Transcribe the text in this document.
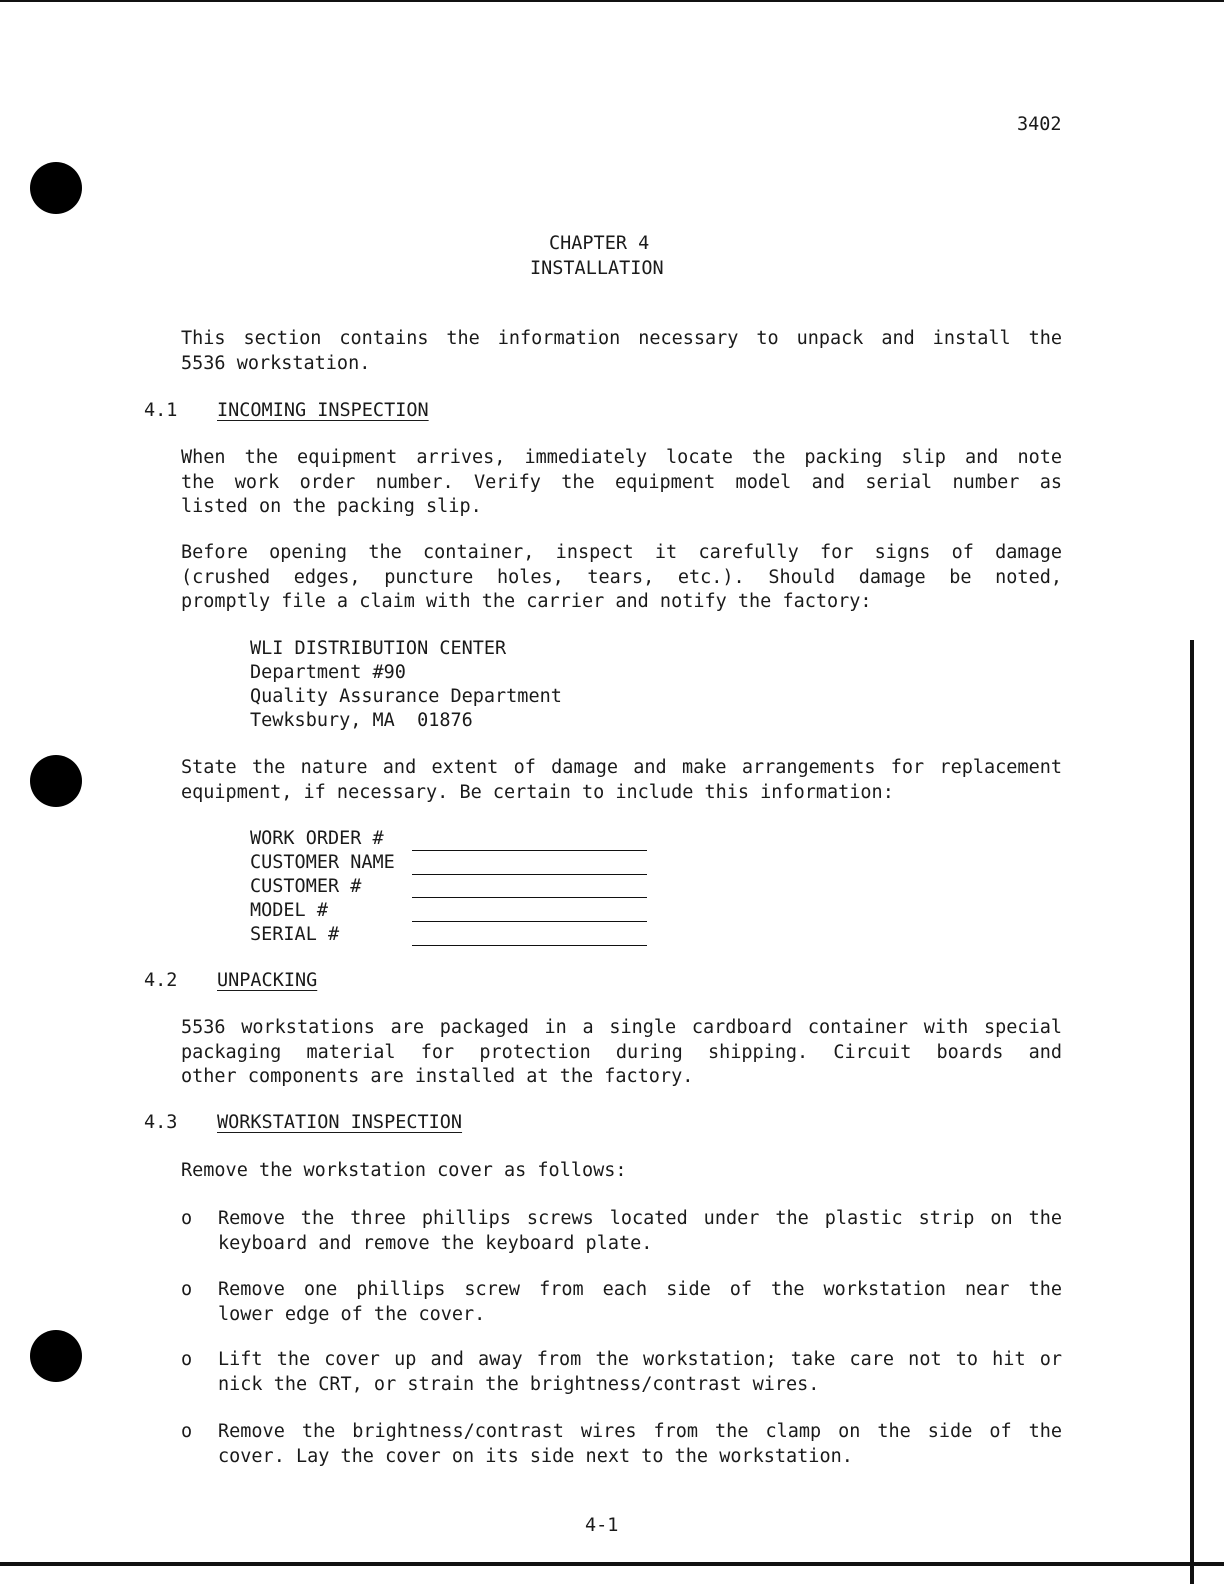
3402
CHAPTER 4
INSTALLATION
This section contains the information necessary to unpack and install the
5536 workstation.
4.1 INCOMING INSPECTION
When the equipment arrives, immediately locate the packing slip and note
the work order number. Verify the equipment model and serial number as
listed on the packing slip.
Before opening the container, inspect it carefully for signs of damage
(crushed edges, puncture holes, tears, etc.). Should damage be noted,
promptly file a claim with the carrier and notify the factory:
WLI DISTRIBUTION CENTER
Department #90
Quality Assurance Department
Tewksbury, MA  01876
State the nature and extent of damage and make arrangements for replacement
equipment, if necessary. Be certain to include this information:
WORK ORDER #
CUSTOMER NAME
CUSTOMER #
MODEL #
SERIAL #
4.2 UNPACKING
5536 workstations are packaged in a single cardboard container with special
packaging material for protection during shipping. Circuit boards and
other components are installed at the factory.
4.3 WORKSTATION INSPECTION
Remove the workstation cover as follows:
o Remove the three phillips screws located under the plastic strip on the
keyboard and remove the keyboard plate.
o Remove one phillips screw from each side of the workstation near the
lower edge of the cover.
o Lift the cover up and away from the workstation; take care not to hit or
nick the CRT, or strain the brightness/contrast wires.
o Remove the brightness/contrast wires from the clamp on the side of the
cover. Lay the cover on its side next to the workstation.
4-1
